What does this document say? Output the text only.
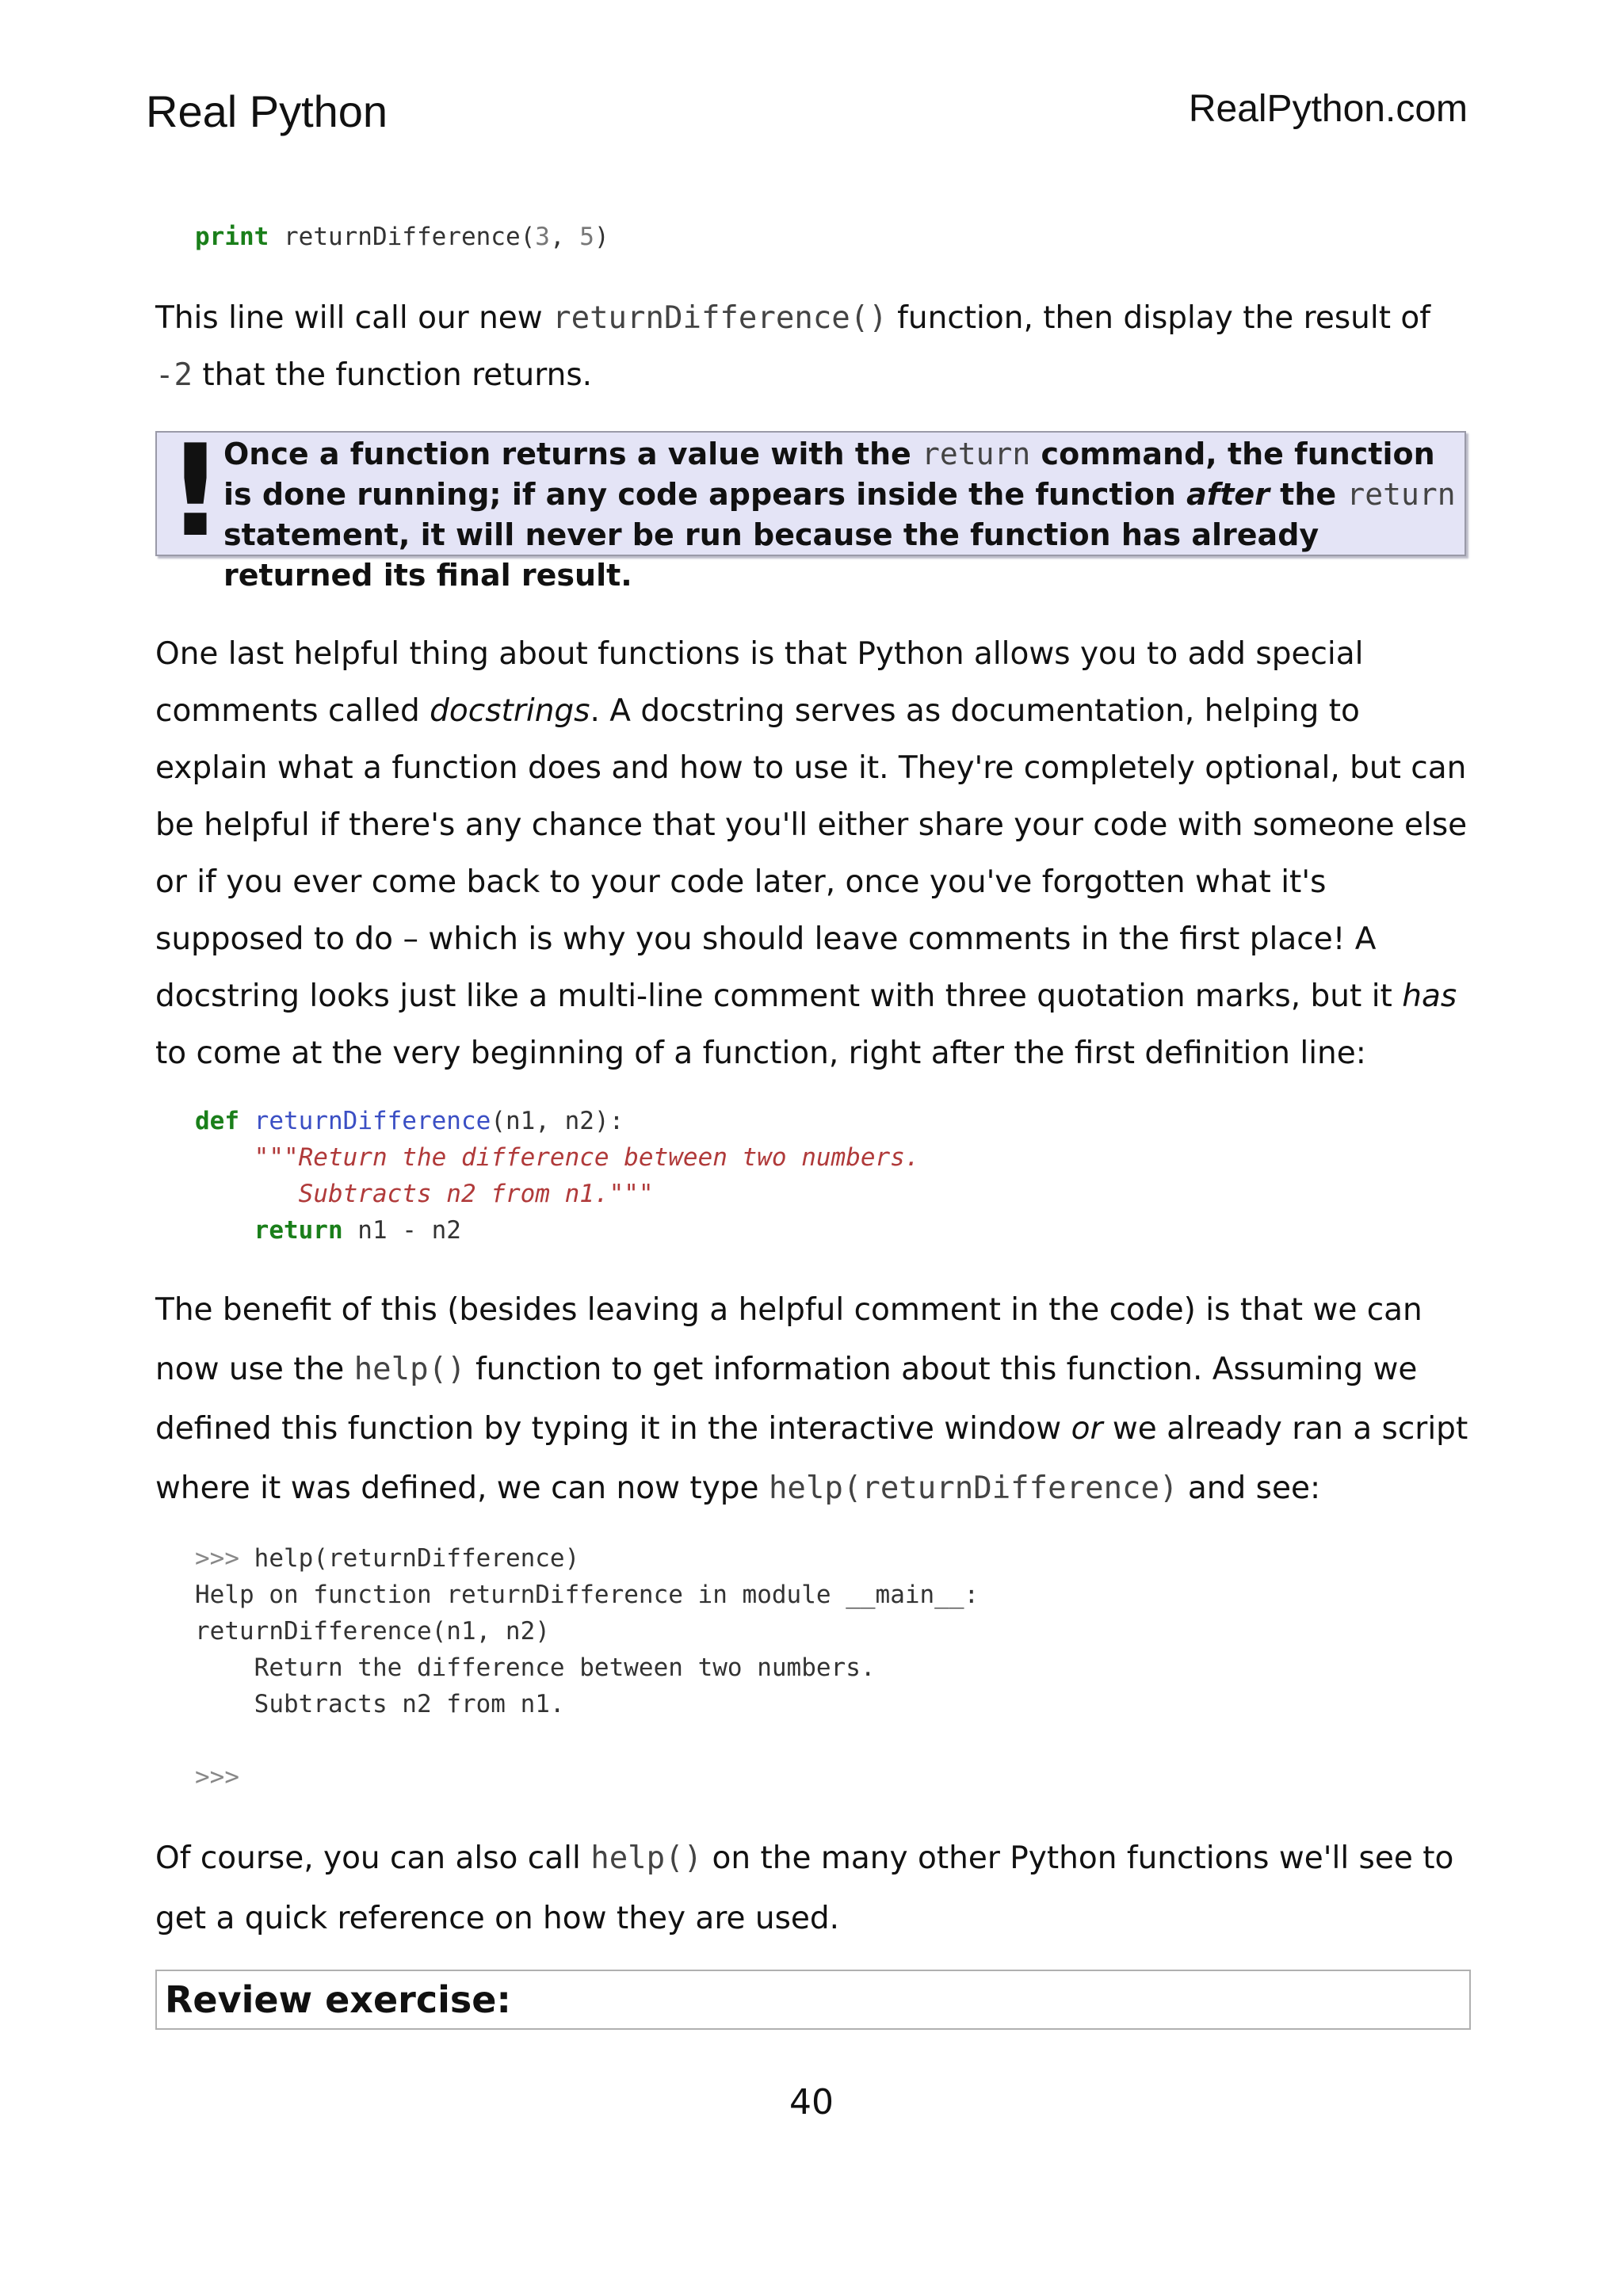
Real Python	RealPython.com
print returnDifference(3, 5)

This line will call our new returnDifference() function, then display the result of -2 that the function returns.

! Once a function returns a value with the return command, the function is done running; if any code appears inside the function after the return statement, it will never be run because the function has already returned its final result.

One last helpful thing about functions is that Python allows you to add special comments called docstrings. A docstring serves as documentation, helping to explain what a function does and how to use it. They're completely optional, but can be helpful if there's any chance that you'll either share your code with someone else or if you ever come back to your code later, once you've forgotten what it's supposed to do – which is why you should leave comments in the first place! A docstring looks just like a multi-line comment with three quotation marks, but it has to come at the very beginning of a function, right after the first definition line:

def returnDifference(n1, n2):
"""Return the difference between two numbers.
Subtracts n2 from n1."""
return n1 - n2

The benefit of this (besides leaving a helpful comment in the code) is that we can now use the help() function to get information about this function. Assuming we defined this function by typing it in the interactive window or we already ran a script where it was defined, we can now type help(returnDifference) and see:

>>> help(returnDifference)
Help on function returnDifference in module __main__:
returnDifference(n1, n2)
Return the difference between two numbers.
Subtracts n2 from n1.

>>>

Of course, you can also call help() on the many other Python functions we'll see to get a quick reference on how they are used.

Review exercise:
40
